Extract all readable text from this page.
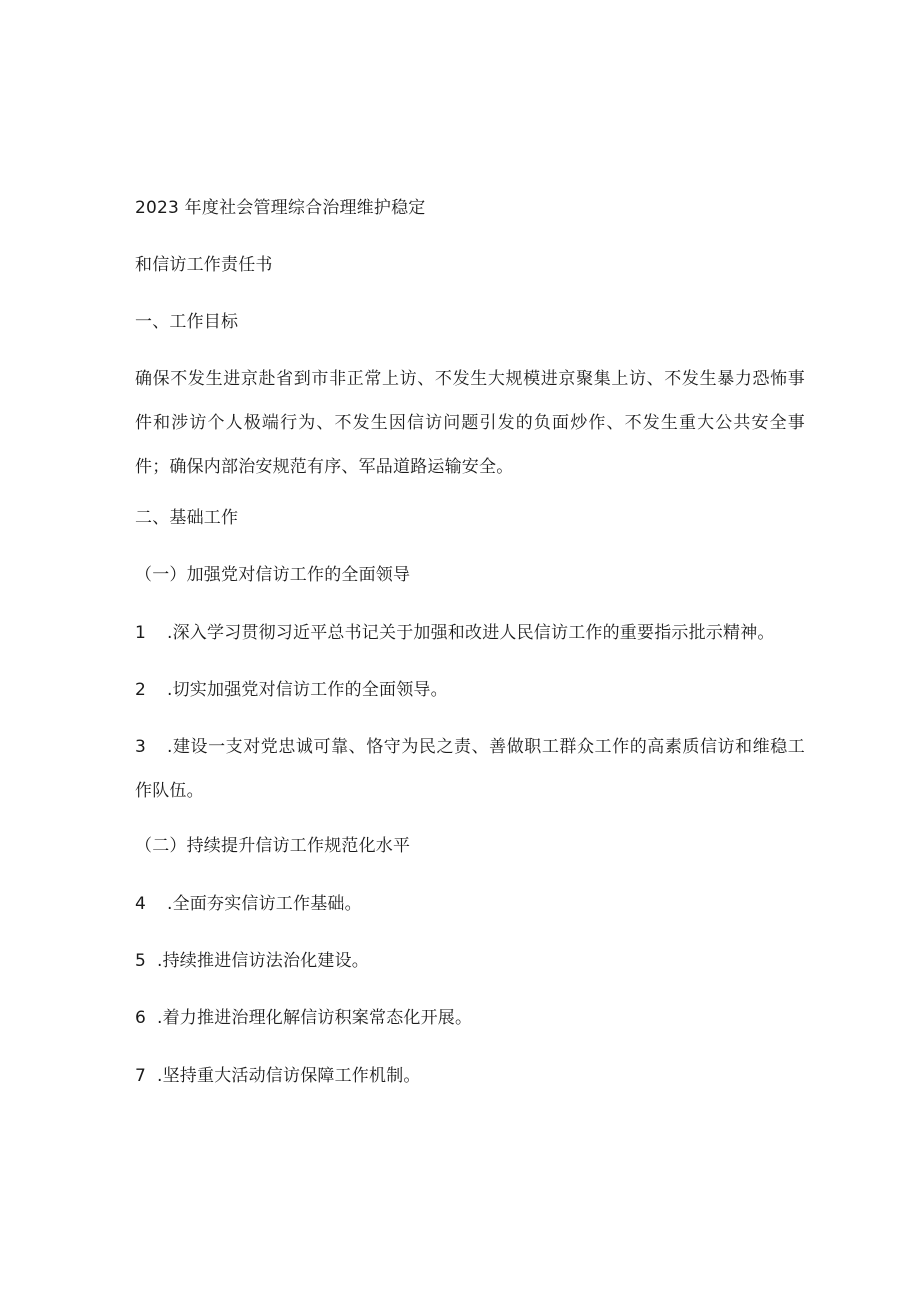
2023 年度社会管理综合治理维护稳定
和信访工作责任书
一、工作目标
确保不发生进京赴省到市非正常上访、不发生大规模进京聚集上访、不发生暴力恐怖事件和涉访个人极端行为、不发生因信访问题引发的负面炒作、不发生重大公共安全事件；确保内部治安规范有序、军品道路运输安全。
二、基础工作
（一）加强党对信访工作的全面领导
1 .深入学习贯彻习近平总书记关于加强和改进人民信访工作的重要指示批示精神。
2 .切实加强党对信访工作的全面领导。
3 .建设一支对党忠诚可靠、恪守为民之责、善做职工群众工作的高素质信访和维稳工作队伍。
（二）持续提升信访工作规范化水平
4 .全面夯实信访工作基础。
5 .持续推进信访法治化建设。
6 .着力推进治理化解信访积案常态化开展。
7 .坚持重大活动信访保障工作机制。
